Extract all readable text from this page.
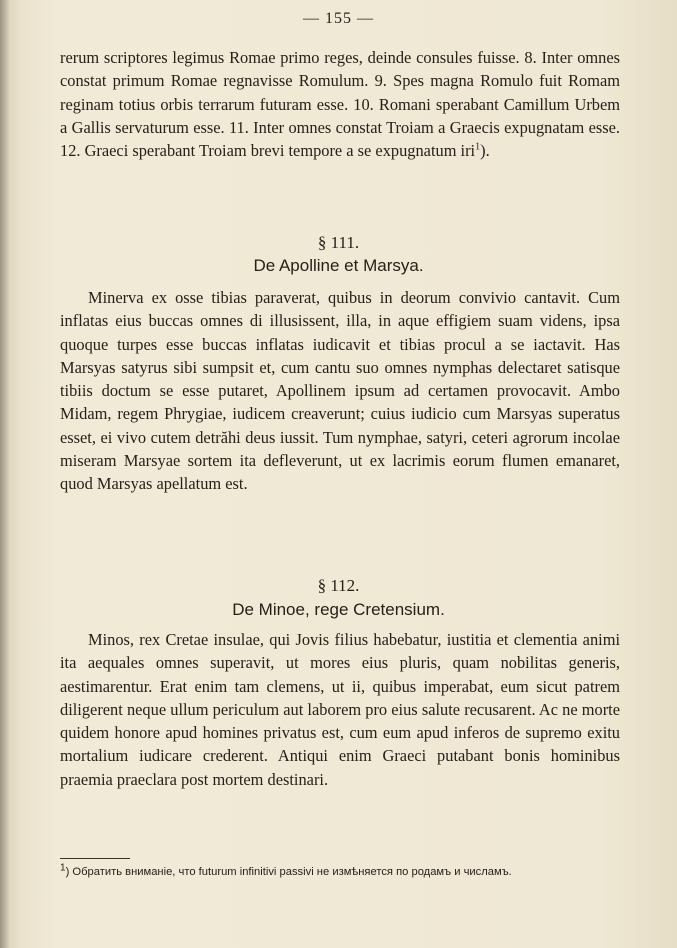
— 155 —

rerum scriptores legimus Romae primo reges, deinde consules fuisse. 8. Inter omnes constat primum Romae regnavisse Romulum. 9. Spes magna Romulo fuit Romam reginam totius orbis terrarum futuram esse. 10. Romani sperabant Camillum Urbem a Gallis servaturum esse. 11. Inter omnes constat Troiam a Graecis expugnatam esse. 12. Graeci sperabant Troiam brevi tempore a se expugnatum iri$^1$).

§ 111.
De Apolline et Marsya.

Minerva ex osse tibias paraverat, quibus in deorum convivio cantavit. Cum inflatas eius buccas omnes di illusissent, illa, in aque effigiem suam videns, ipsa quoque turpes esse buccas inflatas iudicavit et tibias procul a se iactavit. Has Marsyas satyrus sibi sumpsit et, cum cantu suo omnes nymphas delectaret satisque tibiis doctum se esse putaret, Apollinem ipsum ad certamen provocavit. Ambo Midam, regem Phrygiae, iudicem creaverunt; cuius iudicio cum Marsyas superatus esset, ei vivo cutem detrăhi deus iussit. Tum nymphae, satyri, ceteri agrorum incolae miseram Marsyae sortem ita defleverunt, ut ex lacrimis eorum flumen emanaret, quod Marsyas apellatum est.

§ 112.
De Minoe, rege Cretensium.

Minos, rex Cretae insulae, qui Jovis filius habebatur, iustitia et clementia animi ita aequales omnes superavit, ut mores eius pluris, quam nobilitas generis, aestimarentur. Erat enim tam clemens, ut ii, quibus imperabat, eum sicut patrem diligerent neque ullum periculum aut laborem pro eius salute recusarent. Ac ne morte quidem honore apud homines privatus est, cum eum apud inferos de supremo exitu mortalium iudicare crederent. Antiqui enim Graeci putabant bonis hominibus praemia praeclara post mortem destinari.

$^1$) Обратить вниманіе, что futurum infinitivi passivi не измѣняется по родамъ и числамъ.
